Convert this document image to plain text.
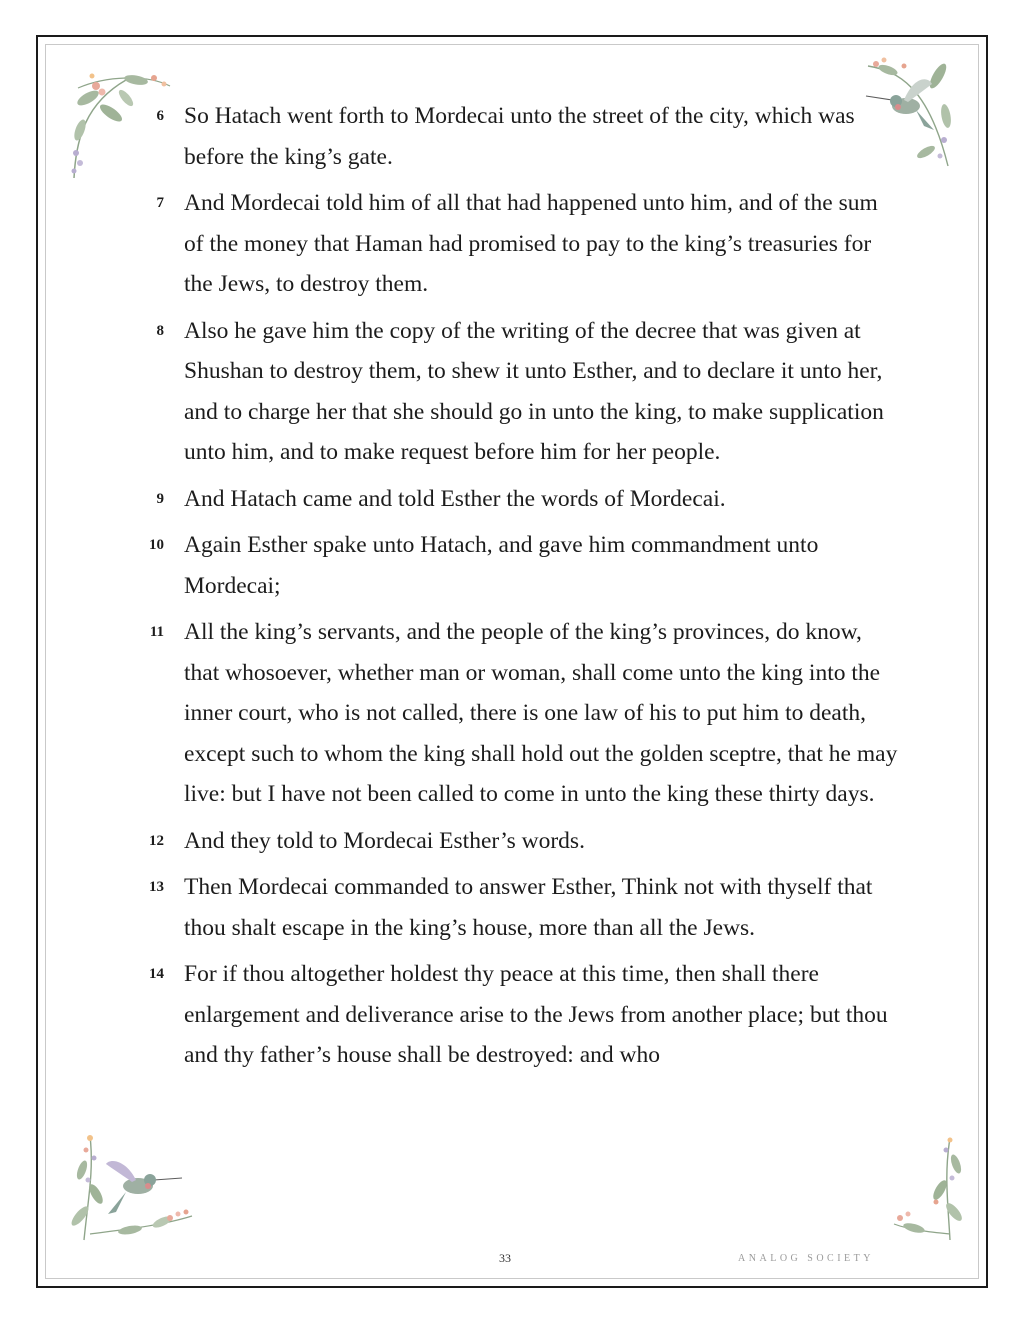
6 So Hatach went forth to Mordecai unto the street of the city, which was before the king’s gate.
7 And Mordecai told him of all that had happened unto him, and of the sum of the money that Haman had promised to pay to the king’s treasuries for the Jews, to destroy them.
8 Also he gave him the copy of the writing of the decree that was given at Shushan to destroy them, to shew it unto Esther, and to declare it unto her, and to charge her that she should go in unto the king, to make supplication unto him, and to make request before him for her people.
9 And Hatach came and told Esther the words of Mordecai.
10 Again Esther spake unto Hatach, and gave him commandment unto Mordecai;
11 All the king’s servants, and the people of the king’s provinces, do know, that whosoever, whether man or woman, shall come unto the king into the inner court, who is not called, there is one law of his to put him to death, except such to whom the king shall hold out the golden sceptre, that he may live: but I have not been called to come in unto the king these thirty days.
12 And they told to Mordecai Esther’s words.
13 Then Mordecai commanded to answer Esther, Think not with thyself that thou shalt escape in the king’s house, more than all the Jews.
14 For if thou altogether holdest thy peace at this time, then shall there enlargement and deliverance arise to the Jews from another place; but thou and thy father’s house shall be destroyed: and who
33	ANALOG SOCIETY
